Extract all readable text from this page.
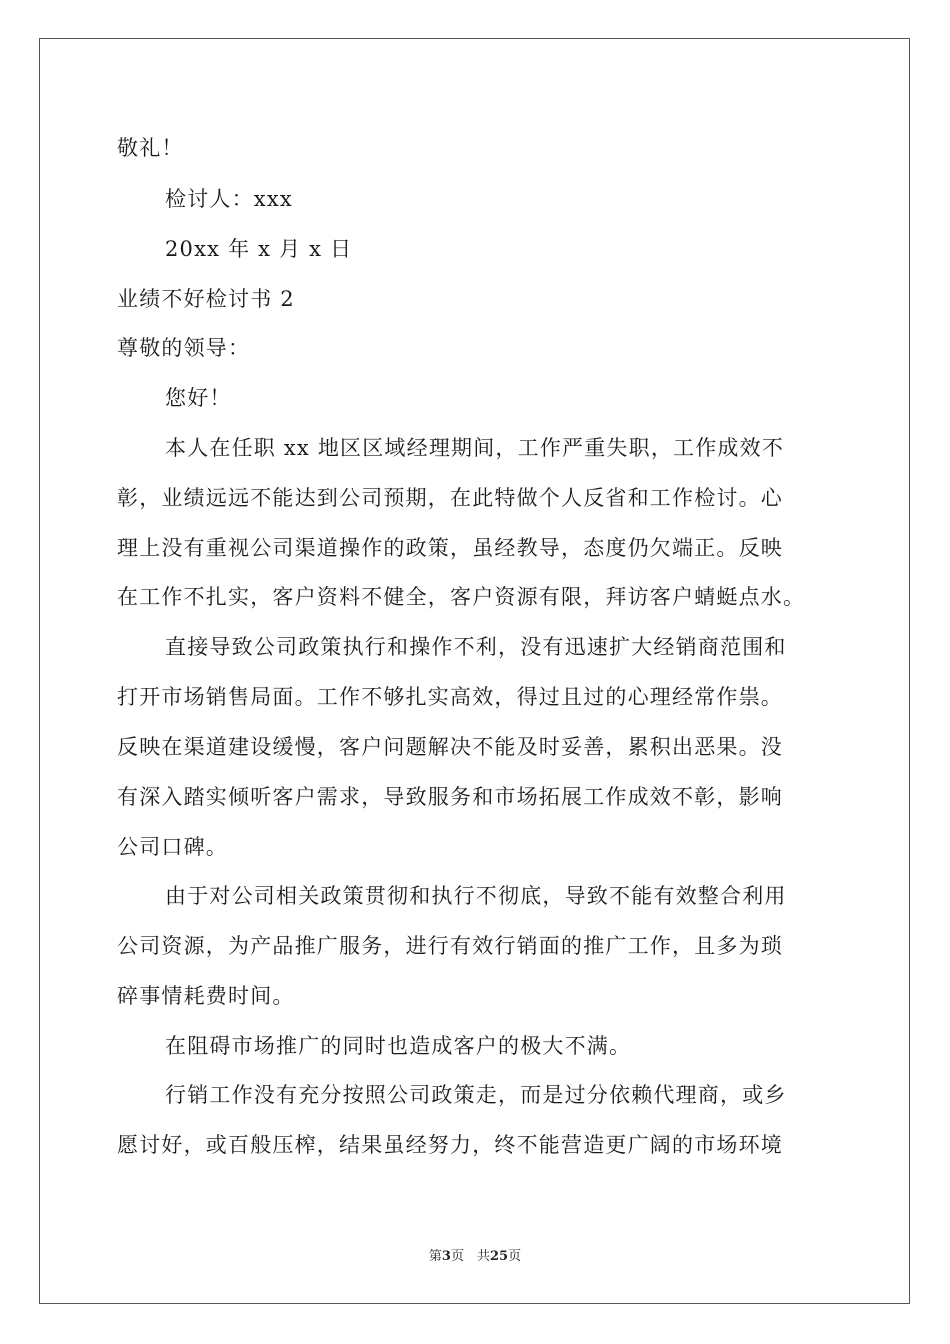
敬礼！
检讨人：xxx
20xx 年 x 月 x 日
业绩不好检讨书 2
尊敬的领导：
您好！
本人在任职 xx 地区区域经理期间，工作严重失职，工作成效不
彰，业绩远远不能达到公司预期，在此特做个人反省和工作检讨。心
理上没有重视公司渠道操作的政策，虽经教导，态度仍欠端正。反映
在工作不扎实，客户资料不健全，客户资源有限，拜访客户蜻蜓点水。
直接导致公司政策执行和操作不利，没有迅速扩大经销商范围和
打开市场销售局面。工作不够扎实高效，得过且过的心理经常作祟。
反映在渠道建设缓慢，客户问题解决不能及时妥善，累积出恶果。没
有深入踏实倾听客户需求，导致服务和市场拓展工作成效不彰，影响
公司口碑。
由于对公司相关政策贯彻和执行不彻底，导致不能有效整合利用
公司资源，为产品推广服务，进行有效行销面的推广工作，且多为琐
碎事情耗费时间。
在阻碍市场推广的同时也造成客户的极大不满。
行销工作没有充分按照公司政策走，而是过分依赖代理商，或乡
愿讨好，或百般压榨，结果虽经努力，终不能营造更广阔的市场环境
第3页　共25页
